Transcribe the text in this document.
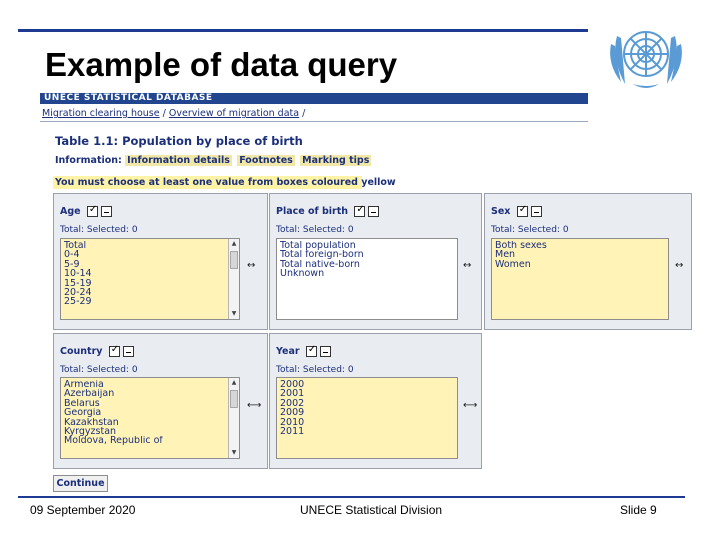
Example of data query
UNECE STATISTICAL DATABASE
Migration clearing house / Overview of migration data /
Table 1.1: Population by place of birth
Information: Information details Footnotes Marking tips
You must choose at least one value from boxes coloured yellow
Age ✓
Total: Selected: 0
Total
0-4
5-9
10-14
15-19
20-24
25-29
▲
▼
↔
Place of birth ✓
Total: Selected: 0
Total population
Total foreign-born
Total native-born
Unknown
↔
Sex ✓
Total: Selected: 0
Both sexes
Men
Women	↔
Country ✓
Total: Selected: 0
Armenia
Azerbaijan
Belarus
Georgia
Kazakhstan
Kyrgyzstan
Moldova, Republic of
▲
▼
⟷
Year ✓
Total: Selected: 0
2000
2001
2002
2009
2010
2011
⟷
Continue
09 September 2020	UNECE Statistical Division	Slide 9
